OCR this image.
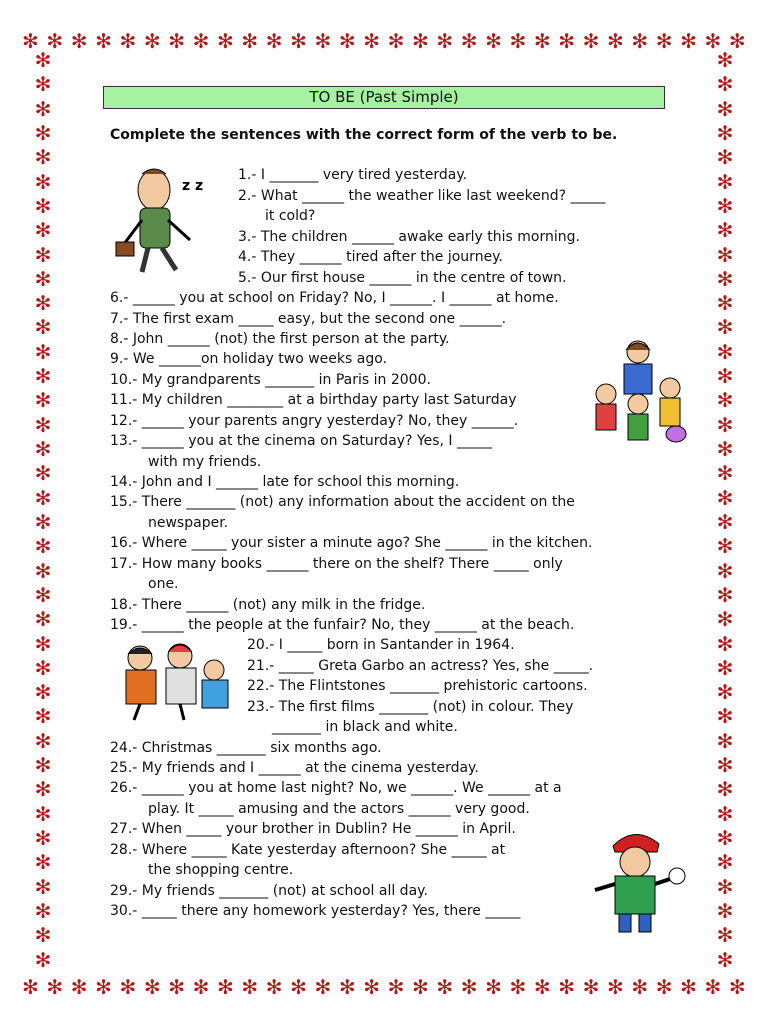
✻ ✻ ✻ ✻ ✻ ✻ ✻ ✻ ✻ ✻ ✻ ✻ ✻ ✻ ✻ ✻ ✻ ✻ ✻ ✻ ✻ ✻ ✻ ✻ ✻ ✻ ✻ ✻ ✻ ✻
✻ ✻ ✻ ✻ ✻ ✻ ✻ ✻ ✻ ✻ ✻ ✻ ✻ ✻ ✻ ✻ ✻ ✻ ✻ ✻ ✻ ✻ ✻ ✻ ✻ ✻ ✻ ✻ ✻ ✻
✻
✻
✻
✻
✻
✻
✻
✻
✻
✻
✻
✻
✻
✻
✻
✻
✻
✻
✻
✻
✻
✻
✻
✻
✻
✻
✻
✻
✻
✻
✻
✻
✻
✻
✻
✻
✻
✻
✻
✻
✻
✻
✻
✻
✻
✻
✻
✻
✻
✻
✻
✻
✻
✻
✻
✻
✻
✻
✻
✻
✻
✻
✻
✻
✻
✻
✻
✻
✻
✻
✻
✻
✻
✻
✻
✻
TO BE (Past Simple)
Complete the sentences with the correct form of the verb to be.
z z
1.- I _______ very tired yesterday.
2.- What ______ the weather like last weekend? _____
it cold?
3.- The children ______ awake early this morning.
4.- They ______ tired after the journey.
5.- Our first house ______ in the centre of town.
6.- ______ you at school on Friday? No, I ______. I ______ at home.
7.- The first exam _____ easy, but the second one ______.
8.- John ______ (not) the first person at the party.
9.- We ______on holiday two weeks ago.
10.- My grandparents _______ in Paris in 2000.
11.- My children ________ at a birthday party last Saturday
12.- ______ your parents angry yesterday? No, they ______.
13.- ______ you at the cinema on Saturday? Yes, I _____
with my friends.
14.- John and I ______ late for school this morning.
15.- There _______ (not) any information about the accident on the
newspaper.
16.- Where _____ your sister a minute ago? She ______ in the kitchen.
17.- How many books ______ there on the shelf? There _____ only
one.
18.- There ______ (not) any milk in the fridge.
19.- ______ the people at the funfair? No, they ______ at the beach.
20.- I _____ born in Santander in 1964.
21.- _____ Greta Garbo an actress? Yes, she _____.
22.- The Flintstones _______ prehistoric cartoons.
23.- The first films _______ (not) in colour. They
_______ in black and white.
24.- Christmas _______ six months ago.
25.- My friends and I ______ at the cinema yesterday.
26.- ______ you at home last night? No, we ______. We ______ at a
play. It _____ amusing and the actors ______ very good.
27.- When _____ your brother in Dublin? He ______ in April.
28.- Where _____ Kate yesterday afternoon? She _____ at
the shopping centre.
29.- My friends _______ (not) at school all day.
30.- _____ there any homework yesterday? Yes, there _____
